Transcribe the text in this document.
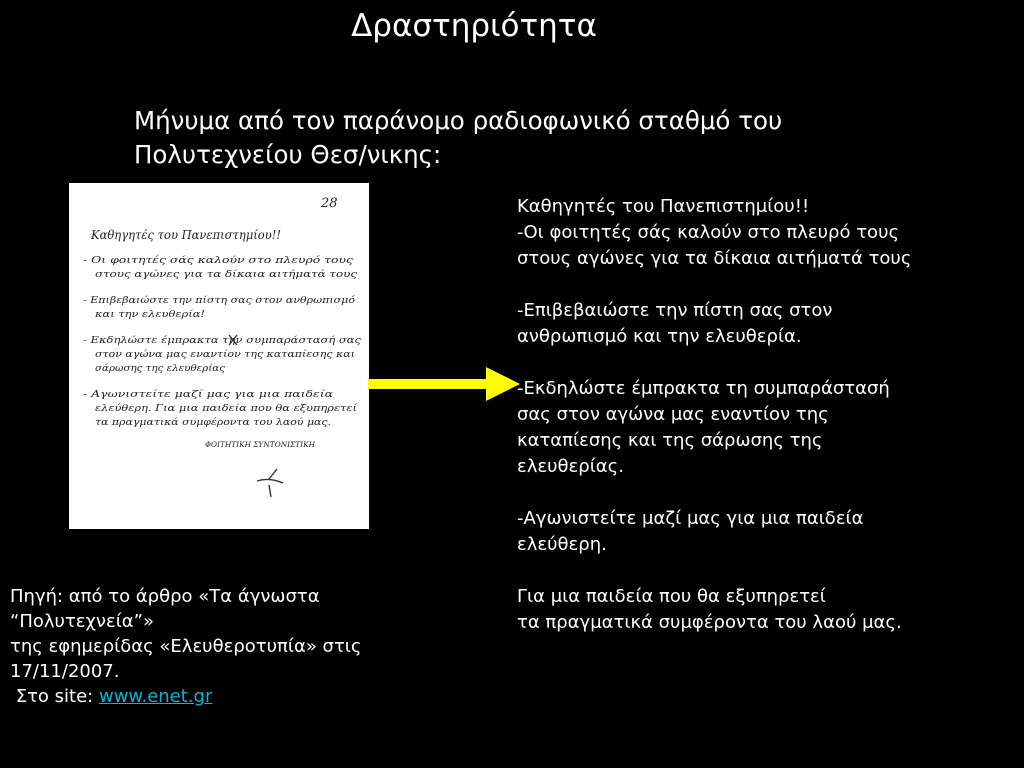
Δραστηριότητα
Μήνυμα από τον παράνομο ραδιοφωνικό σταθμό του
Πολυτεχνείου Θεσ/νικης:
28
Καθηγητές του Πανεπιστημίου!!
- Οι φοιτητές σάς καλούν στο πλευρό τους
στους αγώνες για τα δίκαια αιτήματά τους
- Επιβεβαιώστε την πίστη σας στον ανθρωπισμό
και την ελευθερία!
- Εκδηλώστε έμπρακτα την συμπαράστασή σας
στον αγώνα μας εναντίον της καταπίεσης και
σάρωσης της ελευθερίας
- Αγωνιστείτε μαζί μας για μια παιδεία
ελεύθερη. Για μια παιδεία που θα εξυπηρετεί
τα πραγματικά συμφέροντα του λαού μας.
ΦΟΙΤΗΤΙΚΗ ΣΥΝΤΟΝΙΣΤΙΚΗ
Καθηγητές του Πανεπιστημίου!!
-Οι φοιτητές σάς καλούν στο πλευρό τους
στους αγώνες για τα δίκαια αιτήματά τους
-Επιβεβαιώστε την πίστη σας στον
ανθρωπισμό και την ελευθερία.
-Εκδηλώστε έμπρακτα τη συμπαράστασή
σας στον αγώνα μας εναντίον της
καταπίεσης και της σάρωσης της
ελευθερίας.
-Αγωνιστείτε μαζί μας για μια παιδεία
ελεύθερη.
Για μια παιδεία που θα εξυπηρετεί
τα πραγματικά συμφέροντα του λαού μας.
Πηγή: από το άρθρο «Τα άγνωστα
“Πολυτεχνεία”»
της εφημερίδας «Ελευθεροτυπία» στις
17/11/2007.
Στο site: www.enet.gr
